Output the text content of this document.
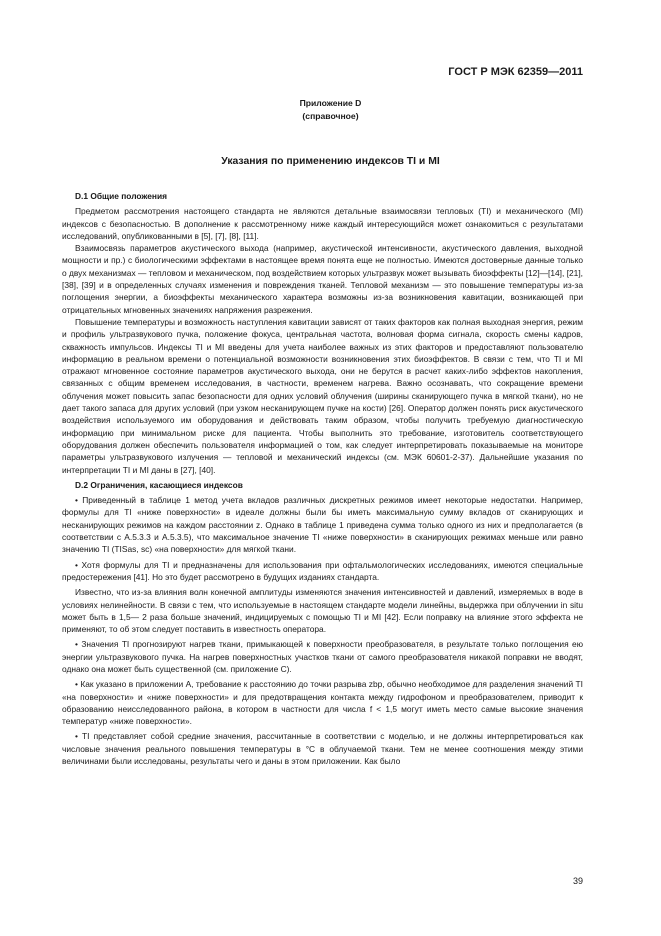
ГОСТ Р МЭК 62359—2011
Приложение D
(справочное)
Указания по применению индексов TI и MI
D.1 Общие положения

Предметом рассмотрения настоящего стандарта не являются детальные взаимосвязи тепловых (TI) и механического (MI) индексов с безопасностью. В дополнение к рассмотренному ниже каждый интересующийся может ознакомиться с результатами исследований, опубликованными в [5], [7], [8], [11].

Взаимосвязь параметров акустического выхода (например, акустической интенсивности, акустического давления, выходной мощности и пр.) с биологическими эффектами в настоящее время понята еще не полностью. Имеются достоверные данные только о двух механизмах — тепловом и механическом, под воздействием которых ультразвук может вызывать биоэффекты [12]—[14], [21], [38], [39] и в определенных случаях изменения и повреждения тканей. Тепловой механизм — это повышение температуры из-за поглощения энергии, а биоэффекты механического характера возможны из-за возникновения кавитации, возникающей при отрицательных мгновенных значениях напряжения разрежения.

Повышение температуры и возможность наступления кавитации зависят от таких факторов как полная выходная энергия, режим и профиль ультразвукового пучка, положение фокуса, центральная частота, волновая форма сигнала, скорость смены кадров, скважность импульсов. Индексы TI и MI введены для учета наиболее важных из этих факторов и предоставляют пользователю информацию в реальном времени о потенциальной возможности возникновения этих биоэффектов. В связи с тем, что TI и MI отражают мгновенное состояние параметров акустического выхода, они не берутся в расчет каких-либо эффектов накопления, связанных с общим временем исследования, в частности, временем нагрева. Важно осознавать, что сокращение времени облучения может повысить запас безопасности для одних условий облучения (ширины сканирующего пучка в мягкой ткани), но не дает такого запаса для других условий (при узком несканирующем пучке на кости) [26]. Оператор должен понять риск акустического воздействия используемого им оборудования и действовать таким образом, чтобы получить требуемую диагностическую информацию при минимальном риске для пациента. Чтобы выполнить это требование, изготовитель соответствующего оборудования должен обеспечить пользователя информацией о том, как следует интерпретировать показываемые на мониторе параметры ультразвукового излучения — тепловой и механический индексы (см. МЭК 60601-2-37). Дальнейшие указания по интерпретации TI и MI даны в [27], [40].

D.2 Ограничения, касающиеся индексов

• Приведенный в таблице 1 метод учета вкладов различных дискретных режимов имеет некоторые недостатки. Например, формулы для TI «ниже поверхности» в идеале должны были бы иметь максимальную сумму вкладов от сканирующих и несканирующих режимов на каждом расстоянии z. Однако в таблице 1 приведена сумма только одного из них и предполагается (в соответствии с А.5.3.3 и А.5.3.5), что максимальное значение TI «ниже поверхности» в сканирующих режимах меньше или равно значению TI (TISas, sc) «на поверхности» для мягкой ткани.

• Хотя формулы для TI и предназначены для использования при офтальмологических исследованиях, имеются специальные предостережения [41]. Но это будет рассмотрено в будущих изданиях стандарта.

Известно, что из-за влияния волн конечной амплитуды изменяются значения интенсивностей и давлений, измеряемых в воде в условиях нелинейности. В связи с тем, что используемые в настоящем стандарте модели линейны, выдержка при облучении in situ может быть в 1,5— 2 раза больше значений, индицируемых с помощью TI и MI [42]. Если поправку на влияние этого эффекта не применяют, то об этом следует поставить в известность оператора.

• Значения TI прогнозируют нагрев ткани, примыкающей к поверхности преобразователя, в результате только поглощения ею энергии ультразвукового пучка. На нагрев поверхностных участков ткани от самого преобразователя никакой поправки не вводят, однако она может быть существенной (см. приложение С).

• Как указано в приложении А, требование к расстоянию до точки разрыва zbp, обычно необходимое для разделения значений TI «на поверхности» и «ниже поверхности» и для предотвращения контакта между гидрофоном и преобразователем, приводит к образованию неисследованного района, в котором в частности для числа f < 1,5 могут иметь место самые высокие значения температур «ниже поверхности».

• TI представляет собой средние значения, рассчитанные в соответствии с моделью, и не должны интерпретироваться как числовые значения реального повышения температуры в °С в облучаемой ткани. Тем не менее соотношения между этими величинами были исследованы, результаты чего и даны в этом приложении. Как было

39
